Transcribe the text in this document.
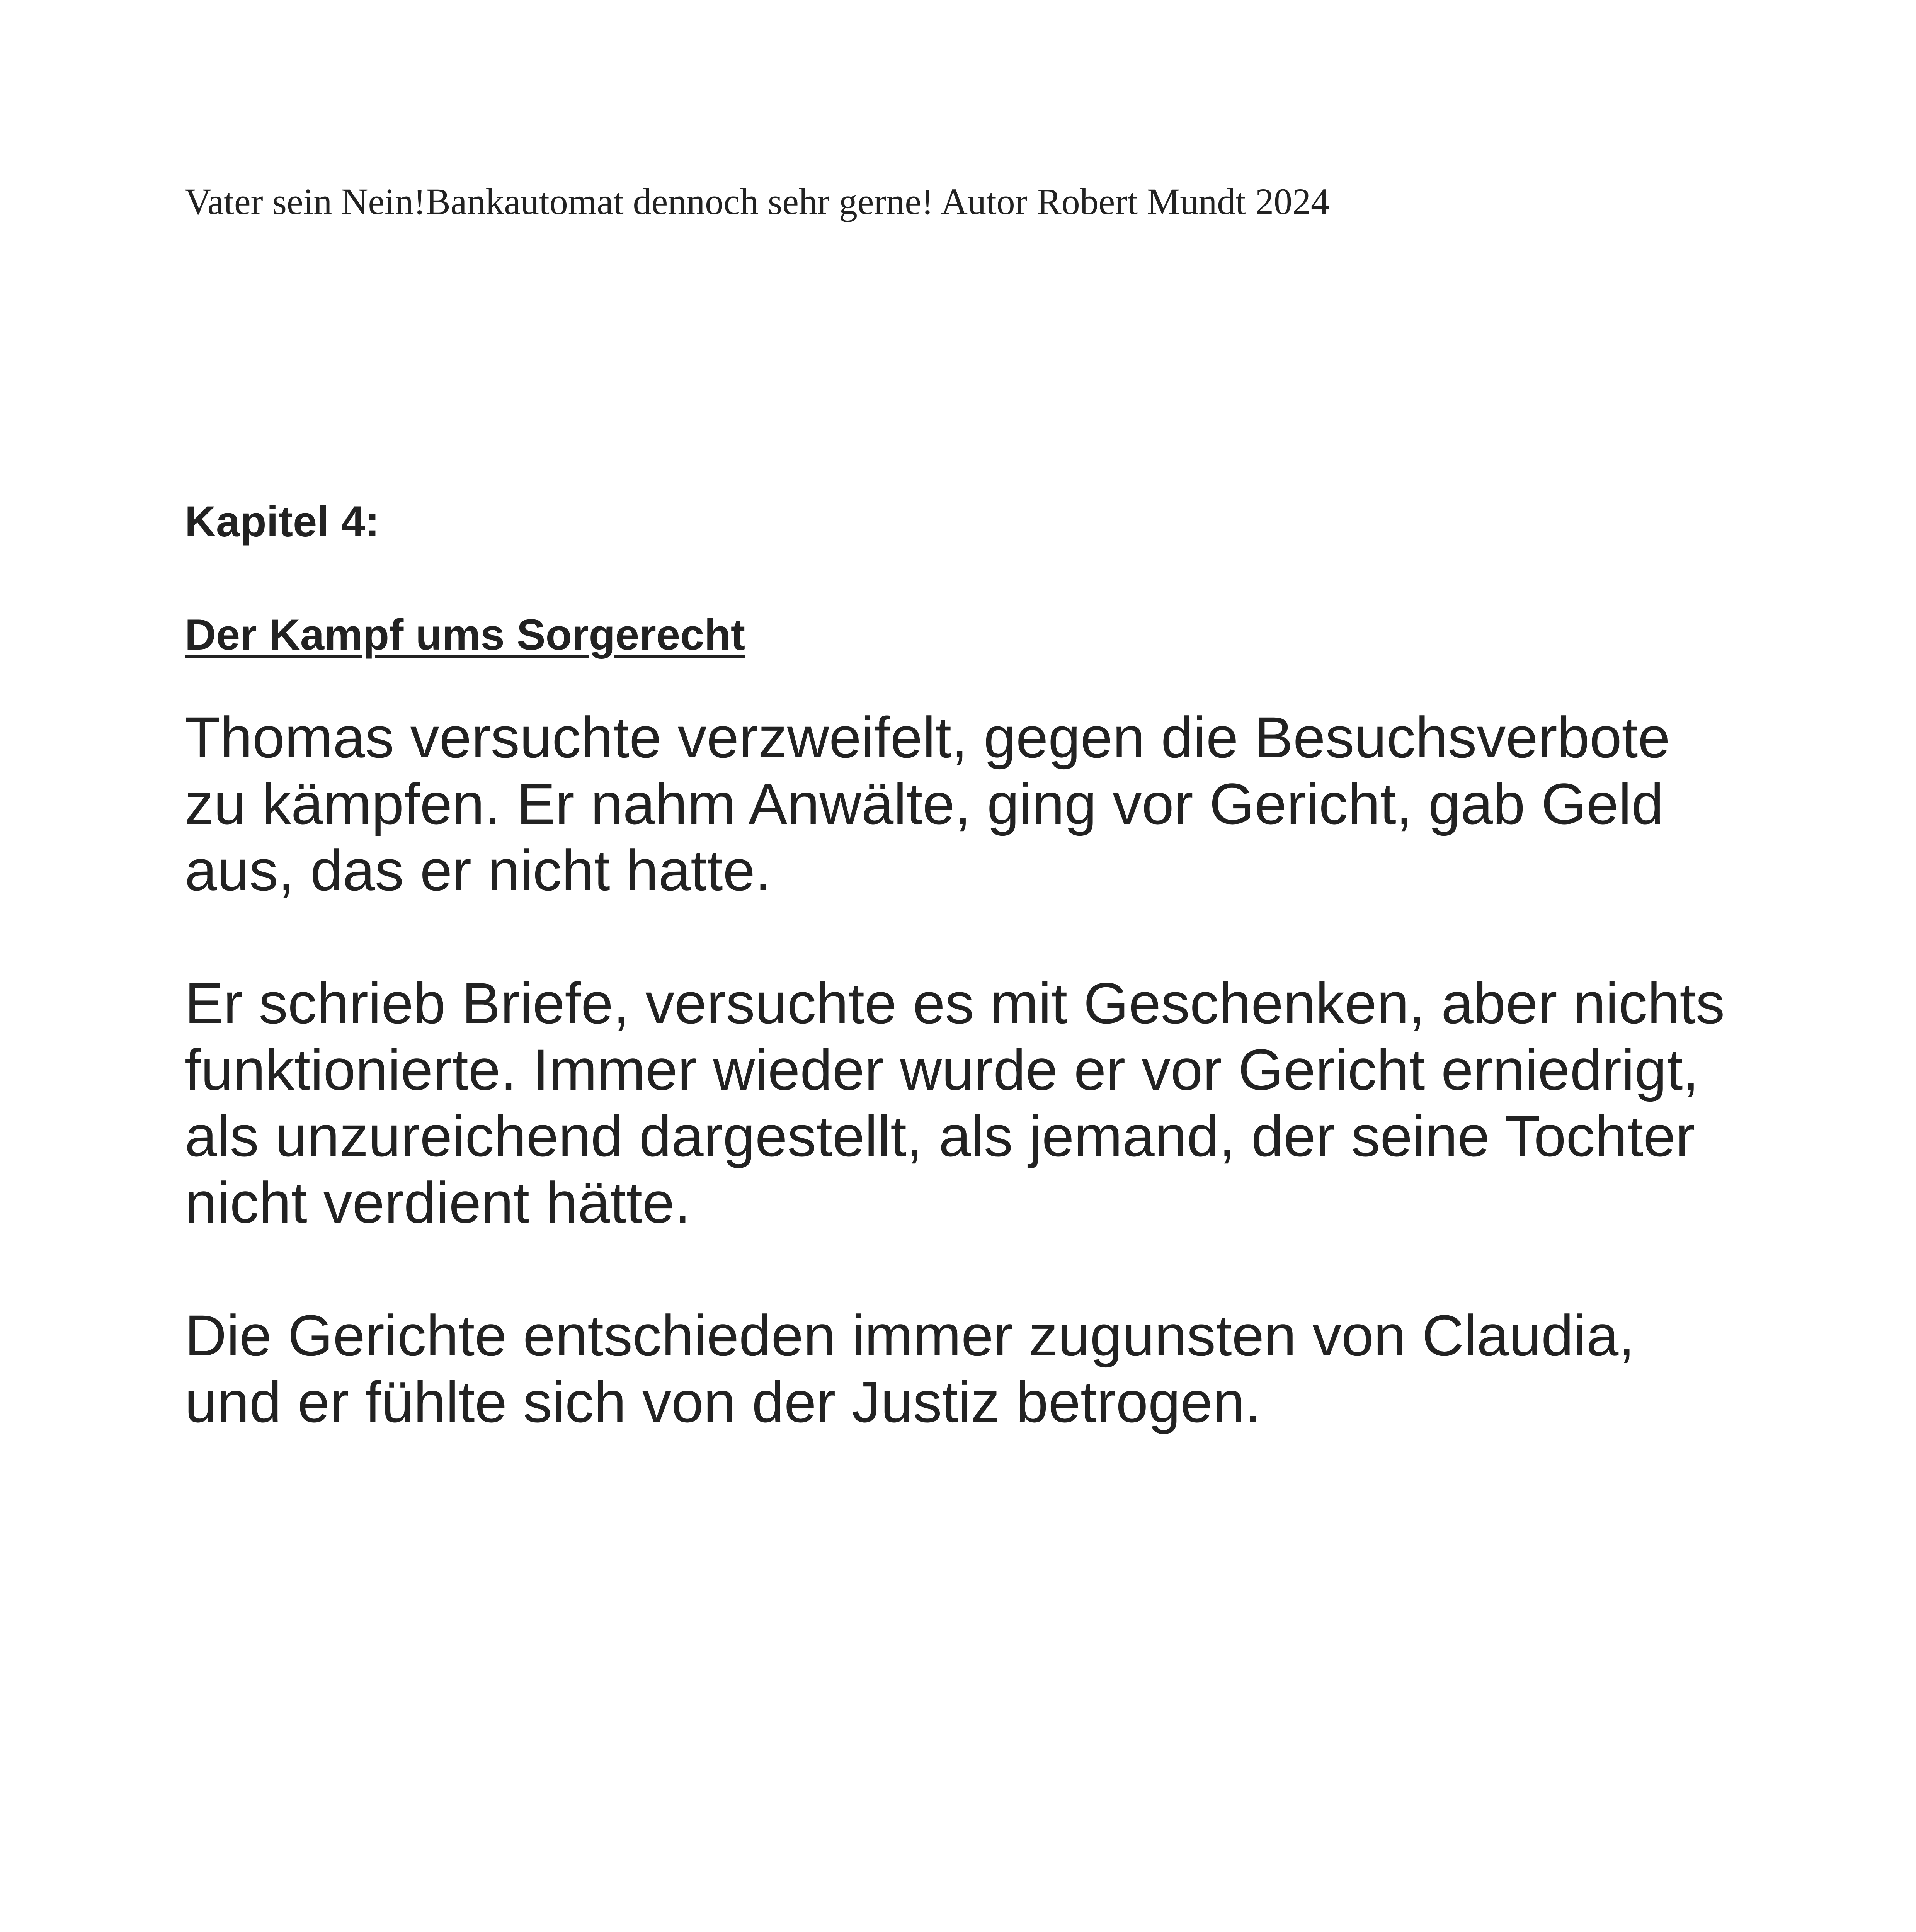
Vater sein Nein!Bankautomat dennoch sehr gerne! Autor Robert Mundt 2024
Kapitel 4:
Der Kampf ums Sorgerecht

Thomas versuchte verzweifelt, gegen die Besuchsverbote
zu kämpfen. Er nahm Anwälte, ging vor Gericht, gab Geld
aus, das er nicht hatte.

Er schrieb Briefe, versuchte es mit Geschenken, aber nichts
funktionierte. Immer wieder wurde er vor Gericht erniedrigt,
als unzureichend dargestellt, als jemand, der seine Tochter
nicht verdient hätte.

Die Gerichte entschieden immer zugunsten von Claudia,
und er fühlte sich von der Justiz betrogen.
